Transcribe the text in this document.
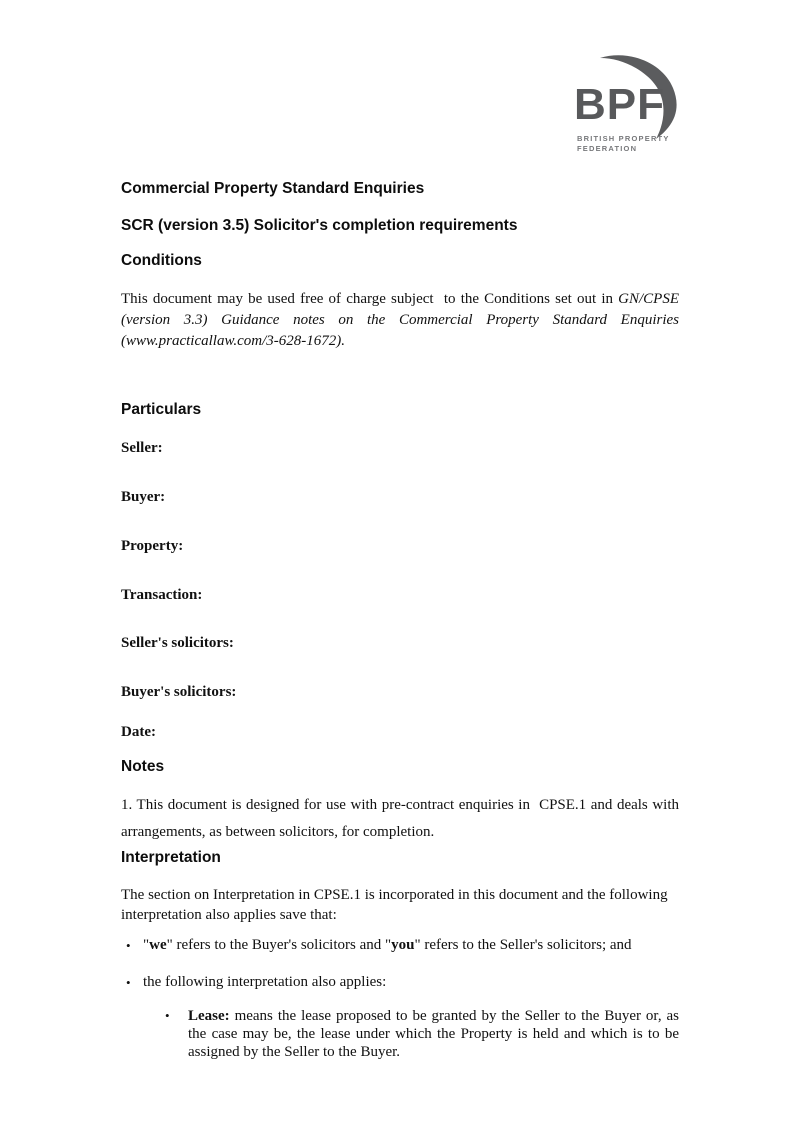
BPF
BRITISH PROPERTY
FEDERATION
Commercial Property Standard Enquiries
SCR (version 3.5) Solicitor's completion requirements
Conditions
This document may be used free of charge subject  to the Conditions set out in GN/CPSE (version 3.3) Guidance notes on the Commercial Property Standard Enquiries (www.practicallaw.com/3-628-1672).
Particulars
Seller:
Buyer:
Property:
Transaction:
Seller's solicitors:
Buyer's solicitors:
Date:
Notes
1. This document is designed for use with pre-contract enquiries in  CPSE.1 and deals with arrangements, as between solicitors, for completion.
Interpretation
The section on Interpretation in CPSE.1 is incorporated in this document and the following interpretation also applies save that:
• "we" refers to the Buyer's solicitors and "you" refers to the Seller's solicitors; and
• the following interpretation also applies:
•	Lease: means the lease proposed to be granted by the Seller to the Buyer or, as the case may be, the lease under which the Property is held and which is to be assigned by the Seller to the Buyer.
